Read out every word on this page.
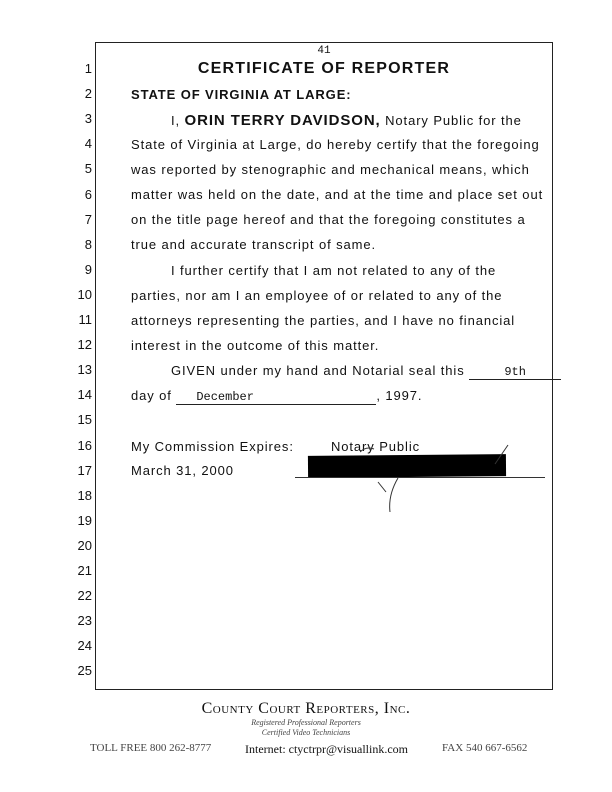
41
1
2
3
4
5
6
7
8
9
10
11
12
13
14
15
16
17
18
19
20
21
22
23
24
25
CERTIFICATE OF REPORTER
STATE OF VIRGINIA AT LARGE:
I, ORIN TERRY DAVIDSON, Notary Public for the
State of Virginia at Large, do hereby certify that the foregoing
was reported by stenographic and mechanical means, which
matter was held on the date, and at the time and place set out
on the title page hereof and that the foregoing constitutes a
true and accurate transcript of same.
I further certify that I am not related to any of the
parties, nor am I an employee of or related to any of the
attorneys representing the parties, and I have no financial
interest in the outcome of this matter.
GIVEN under my hand and Notarial seal this	9th
day of December	, 1997.
My Commission Expires:
March 31, 2000
Notary Public
County Court Reporters, Inc.
Registered Professional Reporters
Certified Video Technicians
TOLL FREE 800 262-8777	Internet: ctyctrpr@visuallink.com	FAX 540 667-6562
